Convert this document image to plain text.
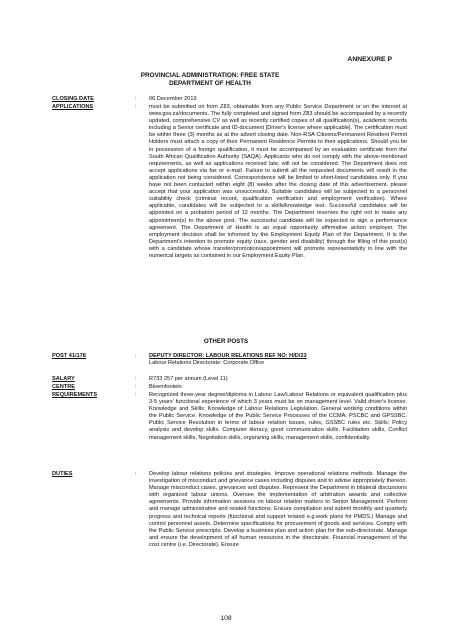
ANNEXURE P
PROVINCIAL ADMINISTRATION: FREE STATE
DEPARTMENT OF HEALTH
CLOSING DATE	:	06 December 2019
APPLICATIONS	:	must be submitted on form Z83, obtainable from any Public Service Department or on the internet at www.gov.za/documents. The fully completed and signed form Z83 should be accompanied by a recently updated, comprehensive CV as well as recently certified copies of all qualification(s), academic records including a Senior certificate and ID-document [Driver's license where applicable]. The certification must be within three (3) months as at the advert closing date. Non-RSA Citizens/Permanent Resident Permit Holders must attach a copy of their Permanent Residence Permits to their applications. Should you be in possession of a foreign qualification, it must be accompanied by an evaluation certificate from the South African Qualification Authority (SAQA). Applicants who do not comply with the above-mentioned requirements, as well as applications received late, will not be considered. The Department does not accept applications via fax or e-mail. Failure to submit all the requested documents will result in the application not being considered. Correspondence will be limited to short-listed candidates only. If you have not been contacted within eight (8) weeks after the closing date of this advertisement, please accept that your application was unsuccessful. Suitable candidates will be subjected to a personnel suitability check (criminal record, qualification verification and employment verification). Where applicable, candidates will be subjected to a skills/knowledge test. Successful candidates will be appointed on a probation period of 12 months. The Department reserves the right not to make any appointment(s) to the above post. The successful candidate will be expected to sign a performance agreement. The Department of Health is an equal opportunity affirmative action employer. The employment decision shall be informed by the Employment Equity Plan of the Department. It is the Department's intention to promote equity (race, gender and disability) through the filling of this post(s) with a candidate whose transfer/promotion/appointment will promote representativity in line with the numerical targets as contained in our Employment Equity Plan.
OTHER POSTS
POST 41/178	:	DEPUTY DIRECTOR: LABOUR RELATIONS REF NO: H/D/23
Labour Relations Directorate: Corporate Office
SALARY	:	R733 257 per annum (Level 11)
CENTRE	:	Bloemfontein
REQUIREMENTS	:	Recognized three-year degree/diploma in Labour Law/Labour Relations or equivalent qualification plus 3-5 years' functional experience of which 3 years must be on management level. Valid driver's license. Knowledge and Skills: Knowledge of Labour Relations Legislation. General working conditions within the Public Service. Knowledge of the Public Service Processes of the CCMA, PSCBC and GPSSBC. Public Service Resolution in terms of labour relation issues, rules, GSSBC rules etc. Skills: Policy analysis and develop skills. Computer literacy, good communication skills. Facilitation skills, Conflict management skills, Negotiation skills, organizing skills, management skills, confidentiality.
DUTIES	:	Develop labour relations policies and strategies. Improve operational relations methods. Manage the investigation of misconduct and grievance cases including disputes and to advise appropriately thereon. Manage misconduct cases, grievances and disputes. Represent the Department in bilateral discussions with organized labour unions. Oversee the implementation of arbitration awards and collective agreements. Provide information sessions on labour relation matters to Senior Management. Perform and manage administrative and related functions. Ensure compilation and submit monthly and quarterly progress and technical reports (functional and support related e.g.work plans for PMDS.) Manage and control personnel assets. Determine specifications for procurement of goods and services. Comply with the Public Service prescripts. Develop a business plan and action plan for the sub-directorate. Manage and ensure the development of all human resources in the directorate. Financial management of the cost centre (i.e. Directorate). Ensure
108
